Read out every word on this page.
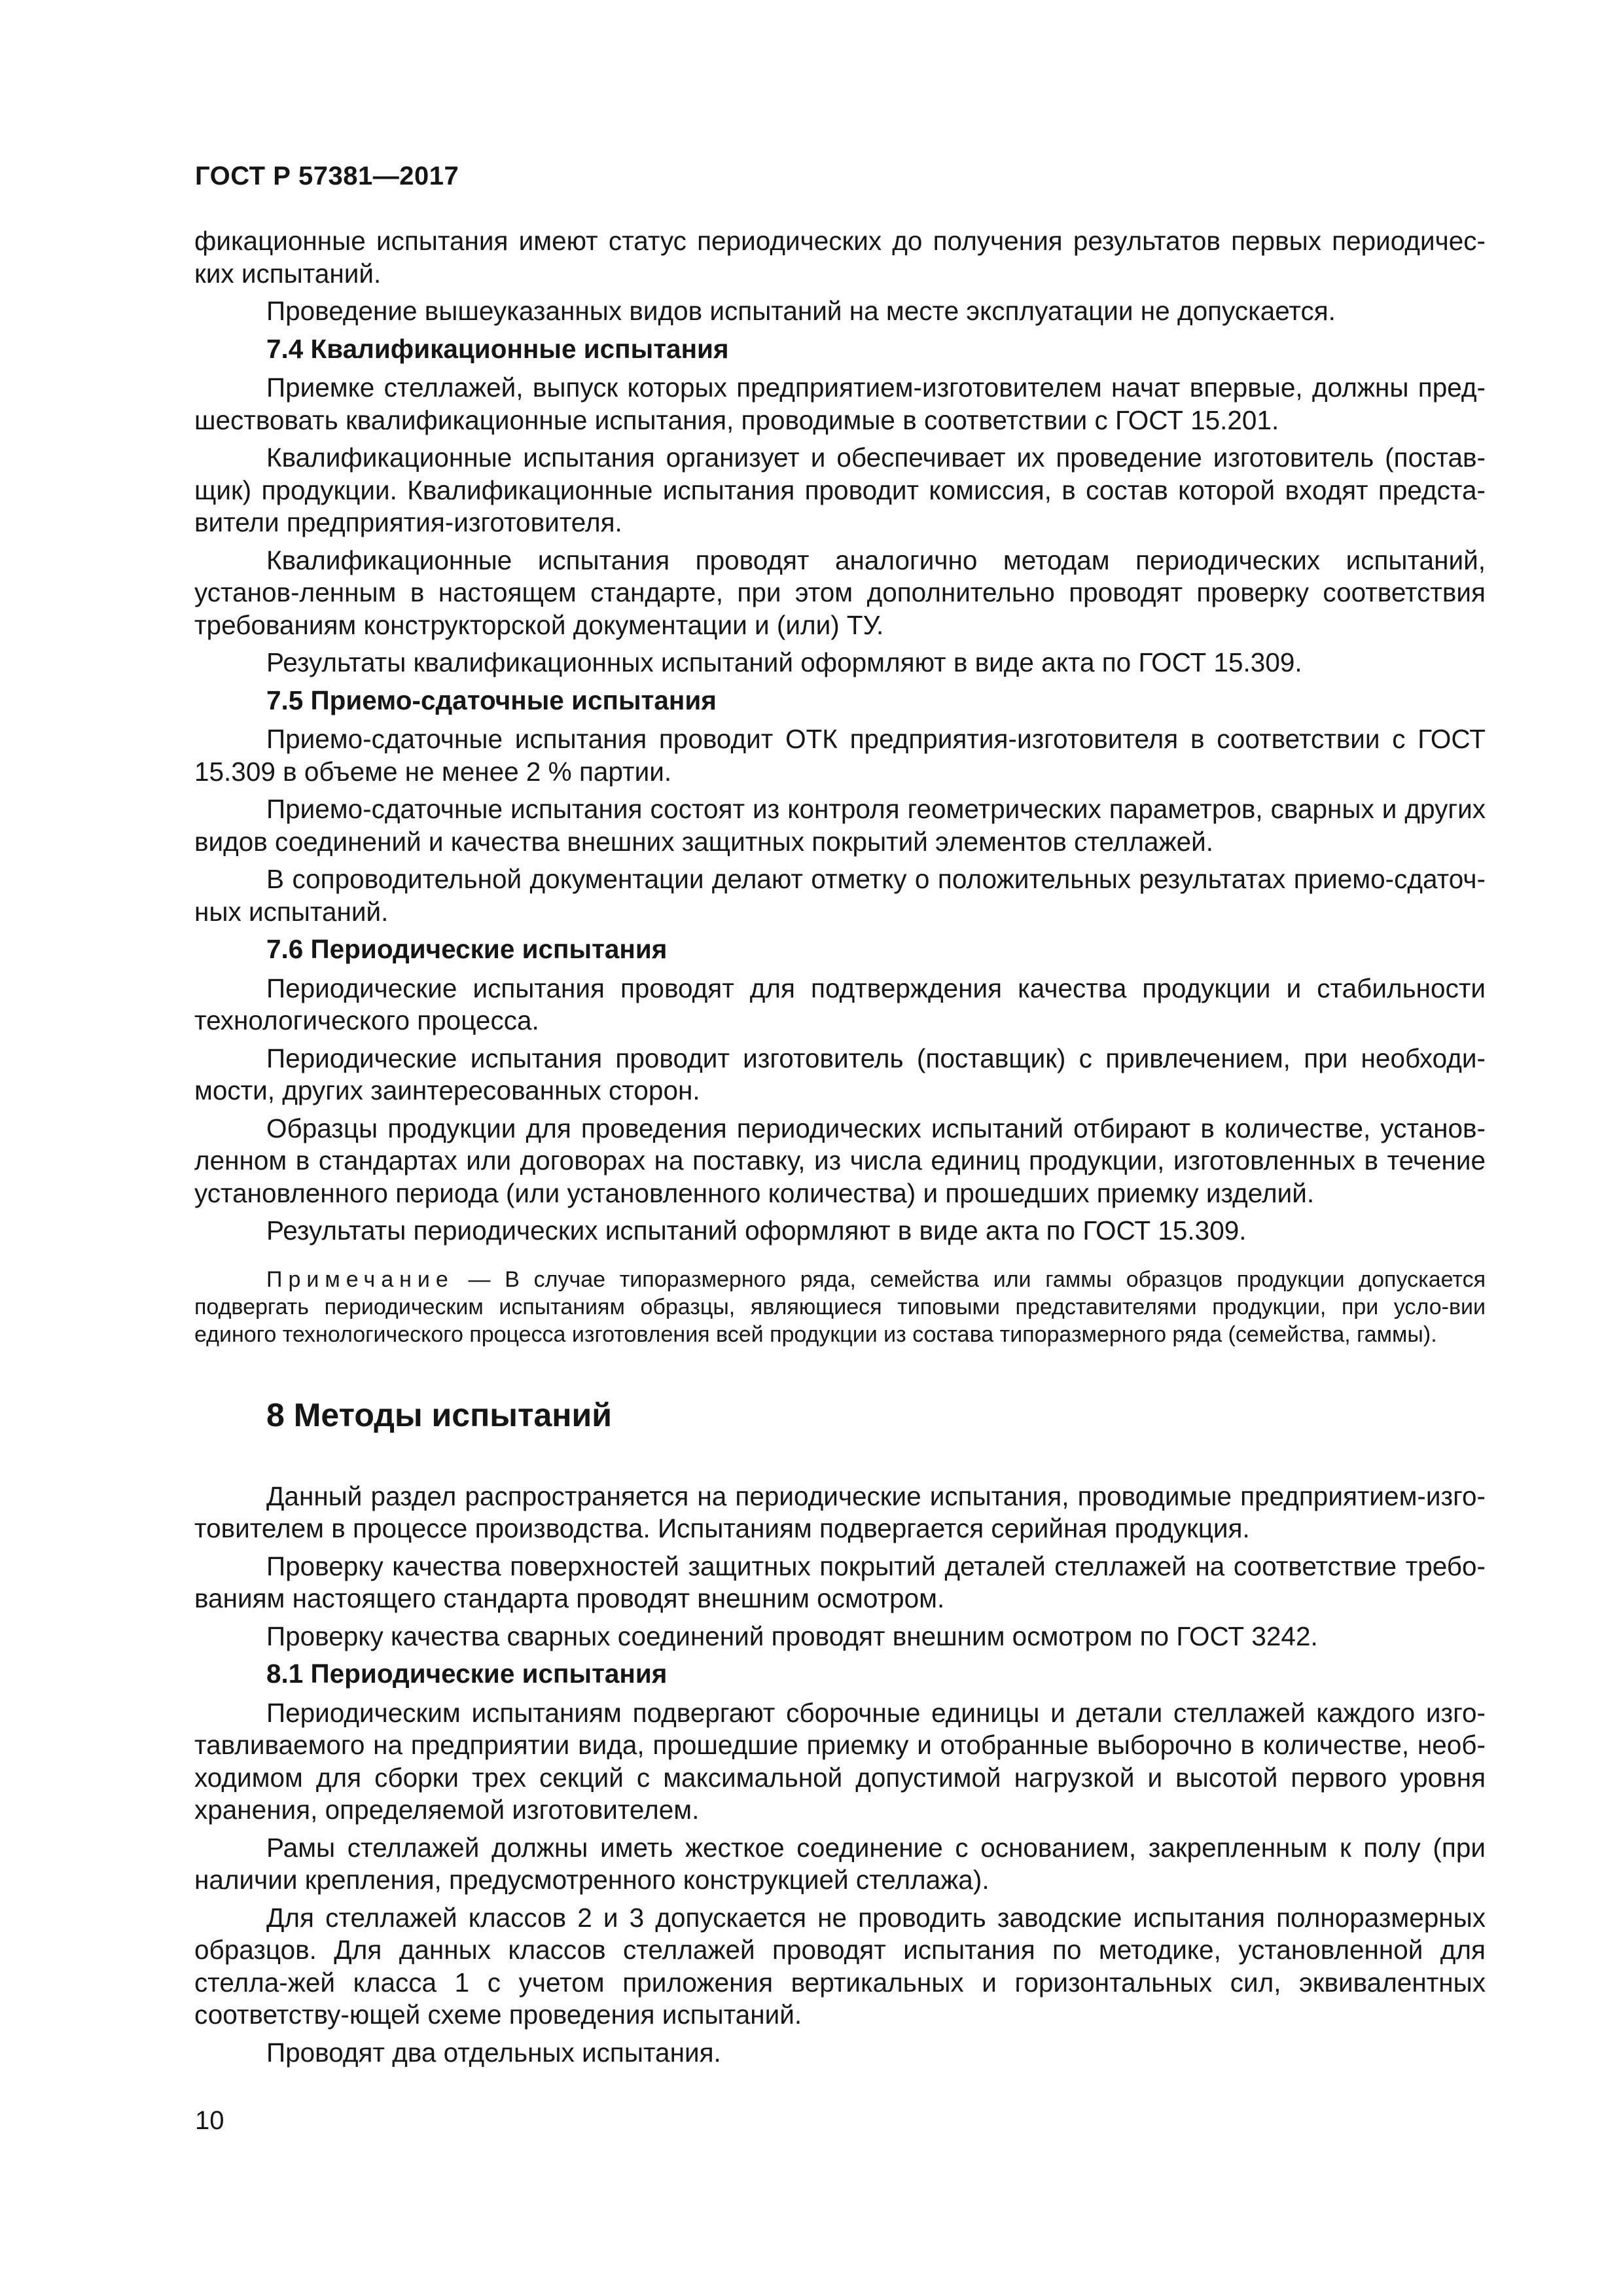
ГОСТ Р 57381—2017

фикационные испытания имеют статус периодических до получения результатов первых периодичес-ких испытаний.

Проведение вышеуказанных видов испытаний на месте эксплуатации не допускается.

7.4 Квалификационные испытания

Приемке стеллажей, выпуск которых предприятием-изготовителем начат впервые, должны пред-шествовать квалификационные испытания, проводимые в соответствии с ГОСТ 15.201.

Квалификационные испытания организует и обеспечивает их проведение изготовитель (постав-щик) продукции. Квалификационные испытания проводит комиссия, в состав которой входят предста-вители предприятия-изготовителя.

Квалификационные испытания проводят аналогично методам периодических испытаний, установ-ленным в настоящем стандарте, при этом дополнительно проводят проверку соответствия требованиям конструкторской документации и (или) ТУ.

Результаты квалификационных испытаний оформляют в виде акта по ГОСТ 15.309.

7.5 Приемо-сдаточные испытания

Приемо-сдаточные испытания проводит ОТК предприятия-изготовителя в соответствии с ГОСТ 15.309 в объеме не менее 2 % партии.

Приемо-сдаточные испытания состоят из контроля геометрических параметров, сварных и других видов соединений и качества внешних защитных покрытий элементов стеллажей.

В сопроводительной документации делают отметку о положительных результатах приемо-сдаточ-ных испытаний.

7.6 Периодические испытания

Периодические испытания проводят для подтверждения качества продукции и стабильности технологического процесса.

Периодические испытания проводит изготовитель (поставщик) с привлечением, при необходи-мости, других заинтересованных сторон.

Образцы продукции для проведения периодических испытаний отбирают в количестве, установ-ленном в стандартах или договорах на поставку, из числа единиц продукции, изготовленных в течение установленного периода (или установленного количества) и прошедших приемку изделий.

Результаты периодических испытаний оформляют в виде акта по ГОСТ 15.309.

Примечание — В случае типоразмерного ряда, семейства или гаммы образцов продукции допускается подвергать периодическим испытаниям образцы, являющиеся типовыми представителями продукции, при усло-вии единого технологического процесса изготовления всей продукции из состава типоразмерного ряда (семейства, гаммы).
8 Методы испытаний

Данный раздел распространяется на периодические испытания, проводимые предприятием-изго-товителем в процессе производства. Испытаниям подвергается серийная продукция.

Проверку качества поверхностей защитных покрытий деталей стеллажей на соответствие требо-ваниям настоящего стандарта проводят внешним осмотром.

Проверку качества сварных соединений проводят внешним осмотром по ГОСТ 3242.

8.1 Периодические испытания

Периодическим испытаниям подвергают сборочные единицы и детали стеллажей каждого изго-тавливаемого на предприятии вида, прошедшие приемку и отобранные выборочно в количестве, необ-ходимом для сборки трех секций с максимальной допустимой нагрузкой и высотой первого уровня хранения, определяемой изготовителем.

Рамы стеллажей должны иметь жесткое соединение с основанием, закрепленным к полу (при наличии крепления, предусмотренного конструкцией стеллажа).

Для стеллажей классов 2 и 3 допускается не проводить заводские испытания полноразмерных образцов. Для данных классов стеллажей проводят испытания по методике, установленной для стелла-жей класса 1 с учетом приложения вертикальных и горизонтальных сил, эквивалентных соответству-ющей схеме проведения испытаний.

Проводят два отдельных испытания.

10
